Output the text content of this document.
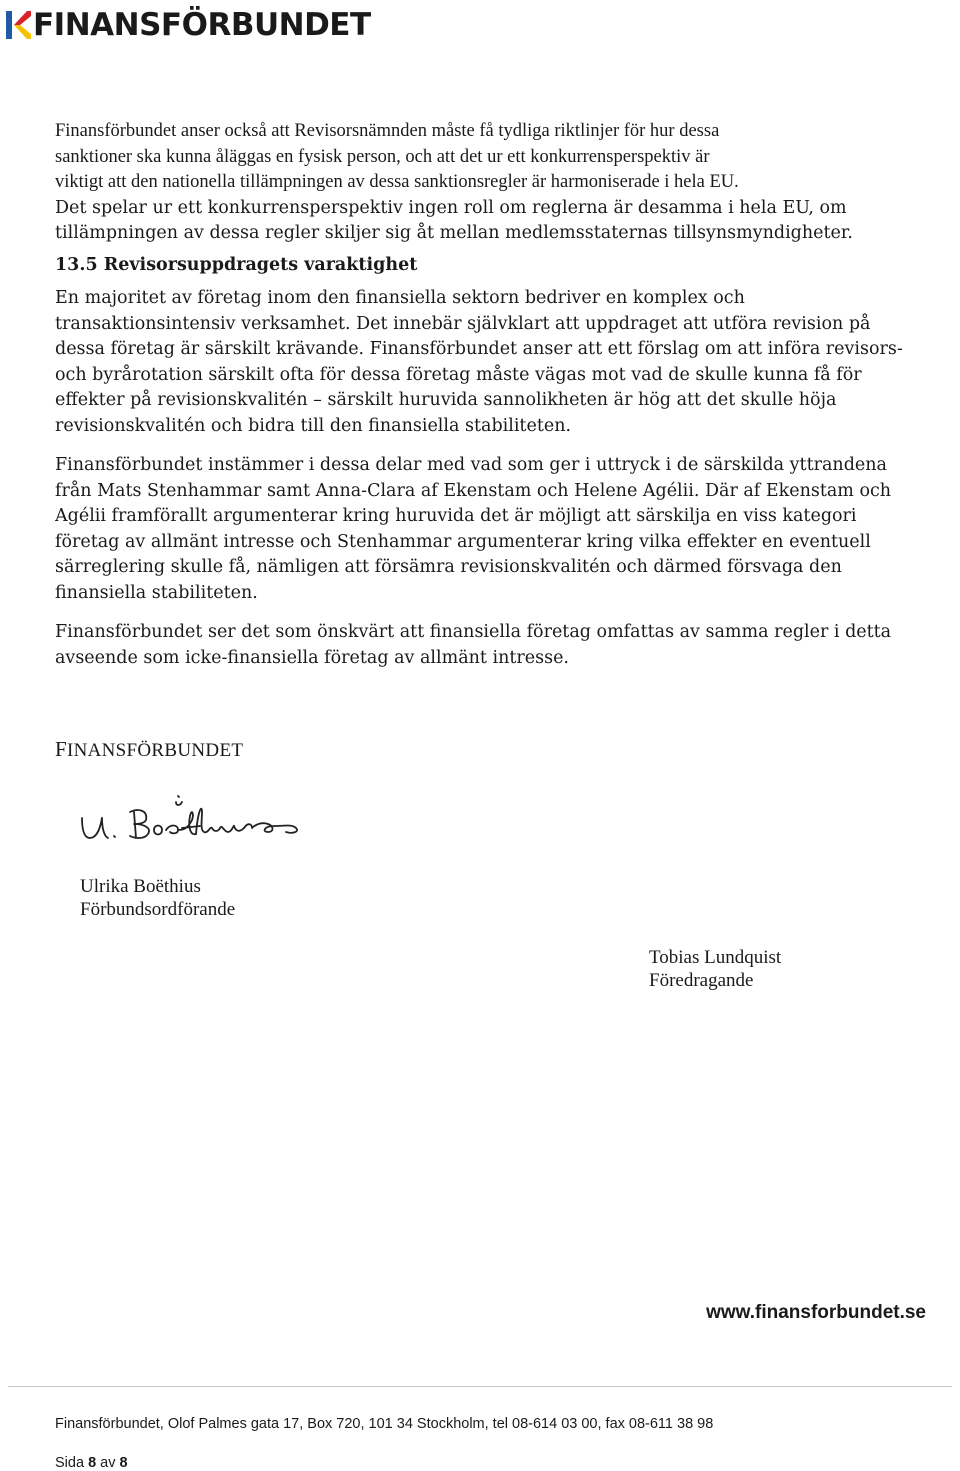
FINANSFÖRBUNDET

Finansförbundet anser också att Revisorsnämnden måste få tydliga riktlinjer för hur dessa
sanktioner ska kunna åläggas en fysisk person, och att det ur ett konkurrensperspektiv är
viktigt att den nationella tillämpningen av dessa sanktionsregler är harmoniserade i hela EU.

Det spelar ur ett konkurrensperspektiv ingen roll om reglerna är desamma i hela EU, om
tillämpningen av dessa regler skiljer sig åt mellan medlemsstaternas tillsynsmyndigheter.

13.5 Revisorsuppdragets varaktighet

En majoritet av företag inom den finansiella sektorn bedriver en komplex och
transaktionsintensiv verksamhet. Det innebär självklart att uppdraget att utföra revision på
dessa företag är särskilt krävande. Finansförbundet anser att ett förslag om att införa revisors-
och byrårotation särskilt ofta för dessa företag måste vägas mot vad de skulle kunna få för
effekter på revisionskvalitén – särskilt huruvida sannolikheten är hög att det skulle höja
revisionskvalitén och bidra till den finansiella stabiliteten.

Finansförbundet instämmer i dessa delar med vad som ger i uttryck i de särskilda yttrandena
från Mats Stenhammar samt Anna-Clara af Ekenstam och Helene Agélii. Där af Ekenstam och
Agélii framförallt argumenterar kring huruvida det är möjligt att särskilja en viss kategori
företag av allmänt intresse och Stenhammar argumenterar kring vilka effekter en eventuell
särreglering skulle få, nämligen att försämra revisionskvalitén och därmed försvaga den
finansiella stabiliteten.

Finansförbundet ser det som önskvärt att finansiella företag omfattas av samma regler i detta
avseende som icke-finansiella företag av allmänt intresse.

FINANSFÖRBUNDET
Ulrika Boëthius
Förbundsordförande
Tobias Lundquist
Föredragande
www.finansforbundet.se
Finansförbundet, Olof Palmes gata 17, Box 720, 101 34 Stockholm, tel 08-614 03 00, fax 08-611 38 98
Sida 8 av 8
